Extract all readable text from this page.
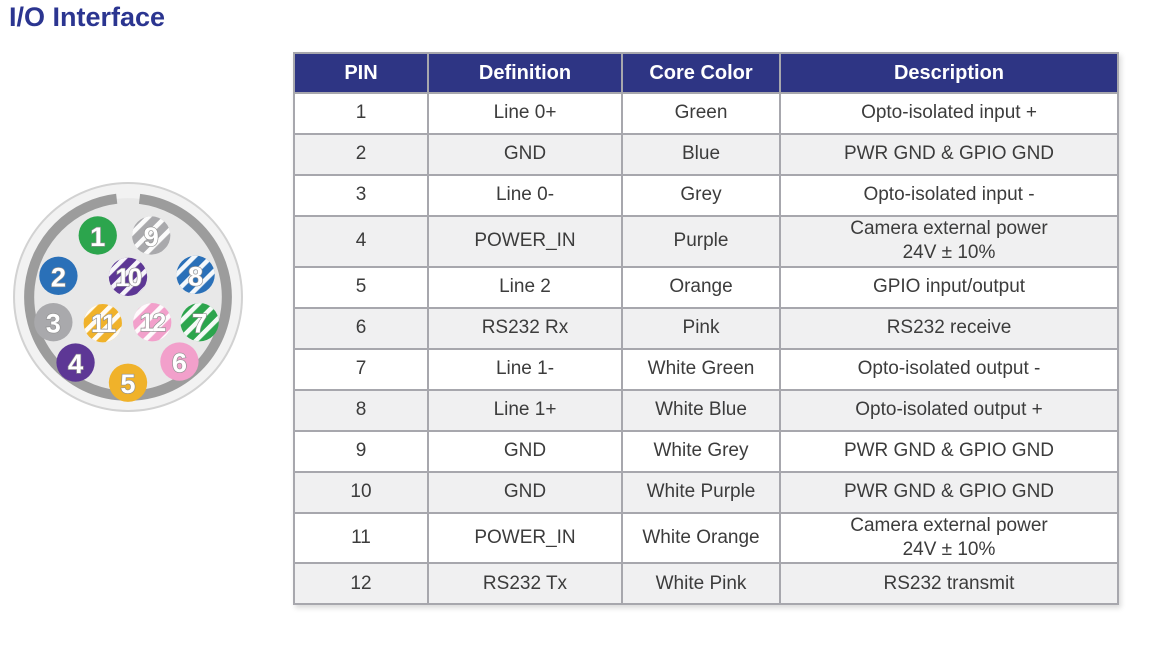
I/O Interface
1
2
3
4
5
6
7
8
9
10
11 12
PIN	Definition	Core Color	Description
1	Line 0+	Green	Opto-isolated input +

2	GND	Blue	PWR GND & GPIO GND

3	Line 0-	Grey	Opto-isolated input -

4	POWER_IN	Purple	Camera external power
24V ± 10%

5	Line 2	Orange	GPIO input/output

6	RS232 Rx	Pink	RS232 receive

7	Line 1-	White Green	Opto-isolated output -

8	Line 1+	White Blue	Opto-isolated output +

9	GND	White Grey	PWR GND & GPIO GND

10	GND	White Purple	PWR GND & GPIO GND

11	POWER_IN	White Orange	Camera external power
24V ± 10%

12	RS232 Tx	White Pink	RS232 transmit
